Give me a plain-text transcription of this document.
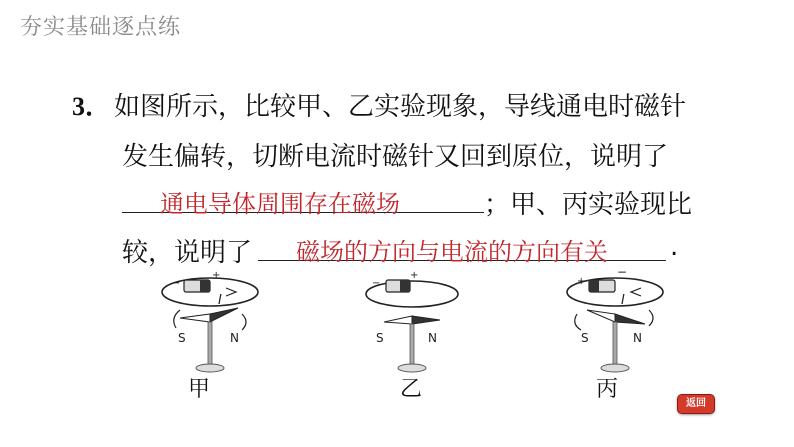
夯实基础逐点练
3． 如图所示，比较甲、乙实验现象，导线通电时磁针
发生偏转，切断电流时磁针又回到原位，说明了
通电导体周围存在磁场	；甲、丙实验现比
较，说明了 磁场的方向与电流的方向有关 .
−
+
I
S	N
−
+
S	N
+
−
I
S	N
甲	乙	丙
返回
